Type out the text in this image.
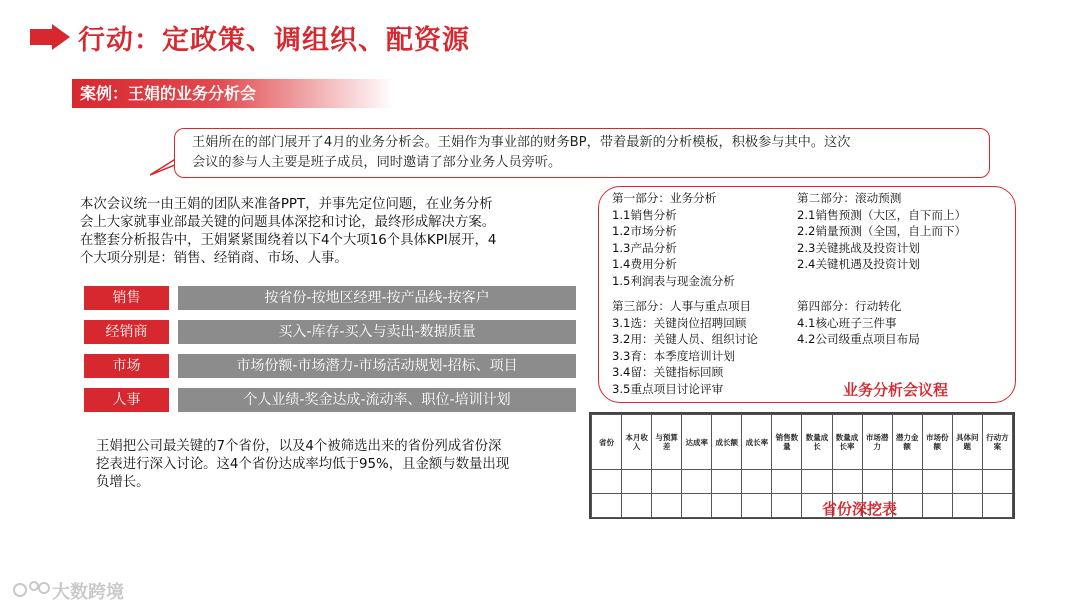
行动：定政策、调组织、配资源
案例：王娟的业务分析会
王娟所在的部门展开了4月的业务分析会。王娟作为事业部的财务BP，带着最新的分析模板，积极参与其中。这次
会议的参与人主要是班子成员，同时邀请了部分业务人员旁听。
本次会议统一由王娟的团队来准备PPT，并事先定位问题，在业务分析
会上大家就事业部最关键的问题具体深挖和讨论，最终形成解决方案。
在整套分析报告中，王娟紧紧围绕着以下4个大项16个具体KPI展开，4
个大项分别是：销售、经销商、市场、人事。
销售	按省份-按地区经理-按产品线-按客户
经销商	买入-库存-买入与卖出-数据质量
市场	市场份额-市场潜力-市场活动规划-招标、项目
人事	个人业绩-奖金达成-流动率、职位-培训计划
王娟把公司最关键的7个省份，以及4个被筛选出来的省份列成省份深
挖表进行深入讨论。这4个省份达成率均低于95%，且金额与数量出现
负增长。
第一部分：业务分析
1.1销售分析
1.2市场分析
1.3产品分析
1.4费用分析
1.5利润表与现金流分析
第二部分：滚动预测
2.1销售预测（大区，自下而上）
2.2销量预测（全国，自上而下）
2.3关键挑战及投资计划
2.4关键机遇及投资计划
第三部分：人事与重点项目
3.1选：关键岗位招聘回顾
3.2用：关键人员、组织讨论
3.3育：本季度培训计划
3.4留：关键指标回顾
3.5重点项目讨论评审
第四部分：行动转化
4.1核心班子三件事
4.2公司级重点项目布局
业务分析会议程
省份	本月收入	与预算差	达成率	成长额	成长率	销售数量	数量成长	数量成长率	市场潜力	潜力金额	市场份额	具体问题	行动方案

省份深挖表
大数跨境
